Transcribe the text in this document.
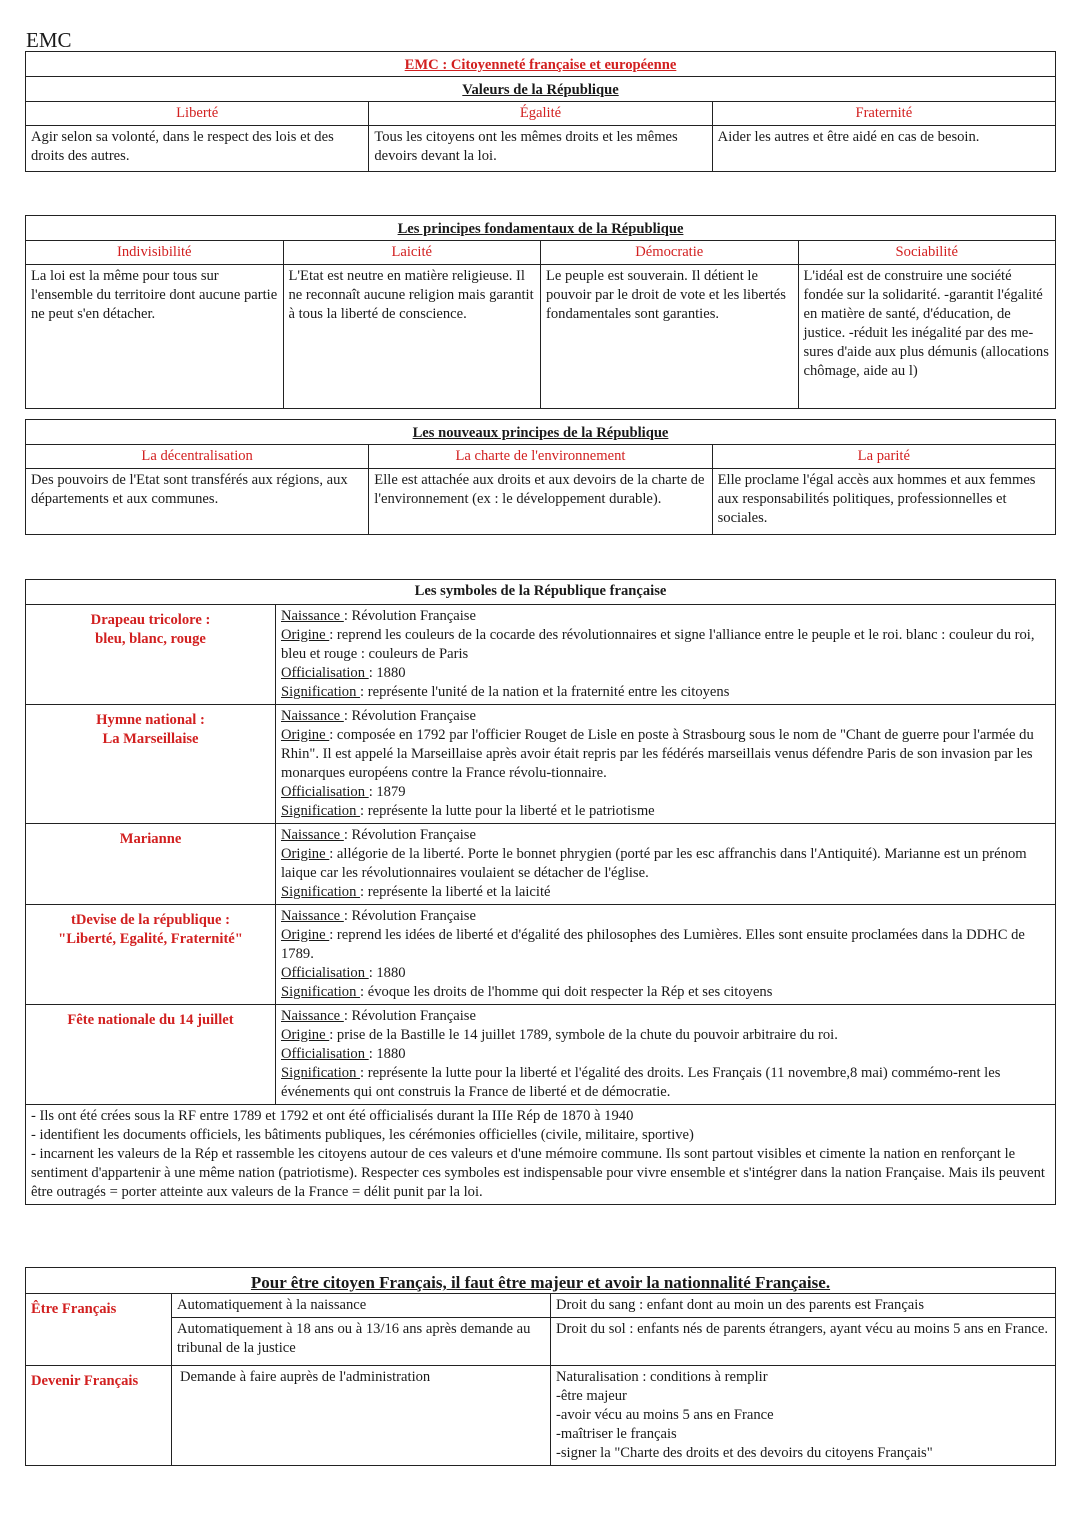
EMC
EMC : Citoyenneté française et européenne		
Valeurs de la République		
Liberté	Égalité	Fraternité
Agir selon sa volonté, dans le respect des lois et des droits des autres.	Tous les citoyens ont les mêmes droits et les mêmes devoirs devant la loi.	Aider les autres et être aidé en cas de besoin.
Les principes fondamentaux de la République			
Indivisibilité	Laicité	Démocratie	Sociabilité
La loi est la même pour tous sur l'ensemble du territoire dont aucune partie ne peut s'en détacher.	L'Etat est neutre en matière religieuse. Il ne reconnaît aucune religion mais garantit à tous la liberté de conscience.	Le peuple est souverain. Il détient le pouvoir par le droit de vote et les libertés fondamentales sont garanties.	L'idéal est de construire une société fondée sur la solidarité. -garantit l'égalité en matière de santé, d'éducation, de justice. -réduit les inégalité par des me-sures d'aide aux plus démunis (allocations chômage, aide au l)
Les nouveaux principes de la République		
La décentralisation	La charte de l'environnement	La parité
Des pouvoirs de l'Etat sont transférés aux régions, aux départements et aux communes.	Elle est attachée aux droits et aux devoirs de la charte de l'environnement (ex : le développement durable).	Elle proclame l'égal accès aux hommes et aux femmes aux responsabilités politiques, professionnelles et sociales.
Les symboles de la République française	
Drapeau tricolore :
bleu, blanc, rouge	Naissance : Révolution Française
Origine : reprend les couleurs de la cocarde des révolutionnaires et signe l'alliance entre le peuple et le roi. blanc : couleur du roi, bleu et rouge : couleurs de Paris
Officialisation : 1880
Signification : représente l'unité de la nation et la fraternité entre les citoyens

Hymne national :
La Marseillaise	Naissance : Révolution Française
Origine : composée en 1792 par l'officier Rouget de Lisle en poste à Strasbourg sous le nom de "Chant de guerre pour l'armée du Rhin". Il est appelé la Marseillaise après avoir était repris par les fédérés marseillais venus défendre Paris de son invasion par les monarques européens contre la France révolu-tionnaire.
Officialisation : 1879
Signification : représente la lutte pour la liberté et le patriotisme

Marianne	Naissance : Révolution Française
Origine : allégorie de la liberté. Porte le bonnet phrygien (porté par les esc affranchis dans l'Antiquité). Marianne est un prénom laique car les révolutionnaires voulaient se détacher de l'église.
Signification : représente la liberté et la laicité

tDevise de la république :
"Liberté, Egalité, Fraternité"	Naissance : Révolution Française
Origine : reprend les idées de liberté et d'égalité des philosophes des Lumières. Elles sont ensuite proclamées dans la DDHC de 1789.
Officialisation : 1880
Signification : évoque les droits de l'homme qui doit respecter la Rép et ses citoyens

Fête nationale du 14 juillet	Naissance : Révolution Française
Origine : prise de la Bastille le 14 juillet 1789, symbole de la chute du pouvoir arbitraire du roi.
Officialisation : 1880
Signification : représente la lutte pour la liberté et l'égalité des droits. Les Français (11 novembre,8 mai) commémo-rent les événements qui ont construis la France de liberté et de démocratie.

- Ils ont été crées sous la RF entre 1789 et 1792 et ont été officialisés durant la IIIe Rép de 1870 à 1940
- identifient les documents officiels, les bâtiments publiques, les cérémonies officielles (civile, militaire, sportive)
- incarnent les valeurs de la Rép et rassemble les citoyens autour de ces valeurs et d'une mémoire commune. Ils sont partout visibles et cimente la nation en renforçant le sentiment d'appartenir à une même nation (patriotisme). Respecter ces symboles est indispensable pour vivre ensemble et s'intégrer dans la nation Française. Mais ils peuvent être outragés = porter atteinte aux valeurs de la France = délit punit par la loi.	
Pour être citoyen Français, il faut être majeur et avoir la nationnalité Française.		
Être Français	Automatiquement à la naissance	Droit du sang : enfant dont au moin un des parents est Français
	Automatiquement à 18 ans ou à 13/16 ans après demande au tribunal de la justice	Droit du sol : enfants nés de parents étrangers, ayant vécu au moins 5 ans en France.
Devenir Français	Demande à faire auprès de l'administration	Naturalisation : conditions à remplir
-être majeur
-avoir vécu au moins 5 ans en France
-maîtriser le français
-signer la "Charte des droits et des devoirs du citoyens Français"
